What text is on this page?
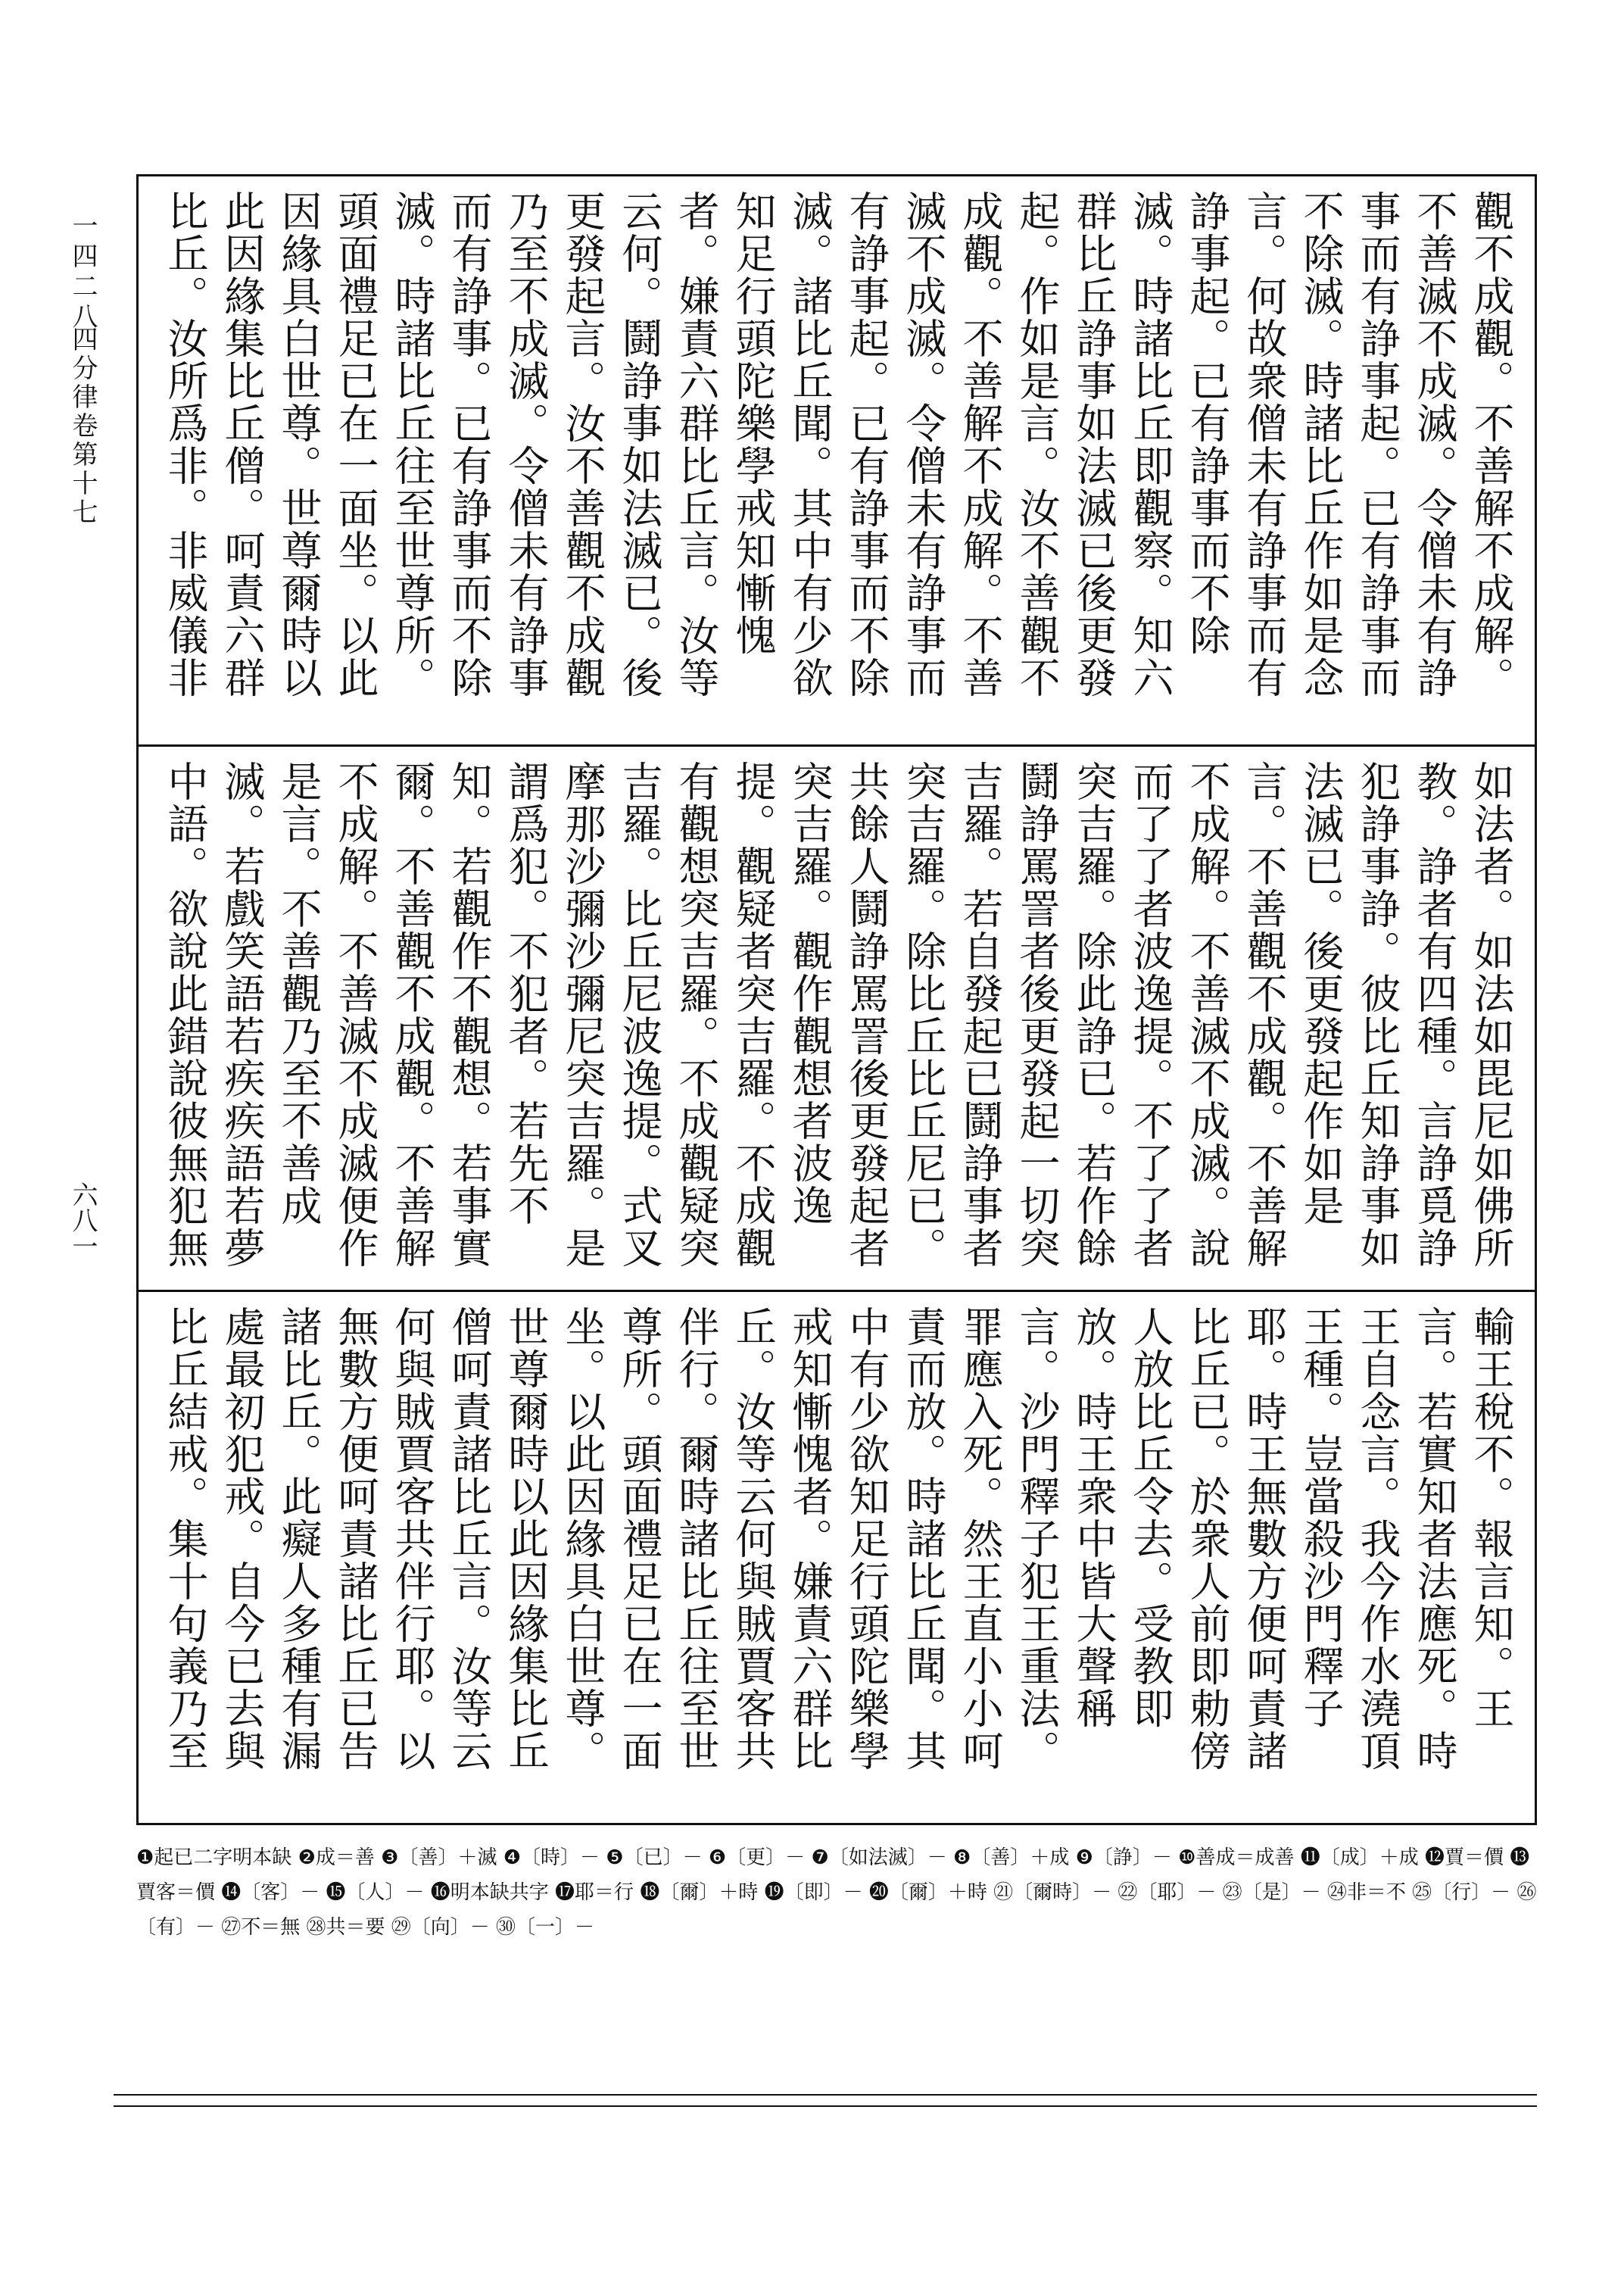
一四二八
四分律卷第十七
六八一
觀不成觀。不善解不成解。不善滅不成滅。令僧未有諍事而有諍事起。已有諍事而不除滅。時諸比丘作如是念言。何故衆僧未有諍事而有諍事起。已有諍事而不除滅。時諸比丘即觀察。知六群比丘諍事如法滅已後更發起。作如是言。汝不善觀不成觀。不善解不成解。不善滅不成滅。令僧未有諍事而有諍事起。已有諍事而不除滅。諸比丘聞。其中有少欲知足行頭陀樂學戒知慚愧者。嫌責六群比丘言。汝等云何。鬪諍事如法滅已。後更發起言。汝不善觀不成觀乃至不成滅。令僧未有諍事而有諍事。已有諍事而不除滅。時諸比丘往至世尊所。頭面禮足已在一面坐。以此因緣具白世尊。世尊爾時以此因緣集比丘僧。呵責六群比丘。汝所爲非。非威儀非
如法者。如法如毘尼如佛所教。諍者有四種。言諍覓諍犯諍事諍。彼比丘知諍事如法滅已。後更發起作如是言。不善觀不成觀。不善解不成解。不善滅不成滅。說而了了者波逸提。不了了者突吉羅。除此諍已。若作餘鬪諍罵詈者後更發起一切突吉羅。若自發起已鬪諍事者突吉羅。除比丘比丘尼已。共餘人鬪諍罵詈後更發起者突吉羅。觀作觀想者波逸提。觀疑者突吉羅。不成觀有觀想突吉羅。不成觀疑突吉羅。比丘尼波逸提。式叉摩那沙彌沙彌尼突吉羅。是謂爲犯。不犯者。若先不知。若觀作不觀想。若事實爾。不善觀不成觀。不善解不成解。不善滅不成滅便作是言。不善觀乃至不善成滅。若戲笑語若疾疾語若夢中語。欲說此錯說彼無犯無
輸王稅不。報言知。王言。若實知者法應死。時王自念言。我今作水澆頂王種。豈當殺沙門釋子耶。時王無數方便呵責諸比丘已。於衆人前即勅傍人放比丘令去。受教即放。時王衆中皆大聲稱言。沙門釋子犯王重法。罪應入死。然王直小小呵責而放。時諸比丘聞。其中有少欲知足行頭陀樂學戒知慚愧者。嫌責六群比丘。汝等云何與賊賈客共伴行。爾時諸比丘往至世尊所。頭面禮足已在一面坐。以此因緣具白世尊。世尊爾時以此因緣集比丘僧呵責諸比丘言。汝等云何與賊賈客共伴行耶。以無數方便呵責諸比丘已告諸比丘。此癡人多種有漏處最初犯戒。自今已去與比丘結戒。集十句義乃至
❶起已二字明本缺 ❷成＝善 ❸〔善〕＋滅 ❹〔時〕－ ❺〔已〕－ ❻〔更〕－ ❼〔如法滅〕－ ❽〔善〕＋成 ❾〔諍〕－ ❿善成＝成善 ⓫〔成〕＋成 ⓬賈＝價 ⓭賈客＝價 ⓮〔客〕－ ⓯〔人〕－ ⓰明本缺共字 ⓱耶＝行 ⓲〔爾〕＋時 ⓳〔即〕－ ⓴〔爾〕＋時 ㉑〔爾時〕－ ㉒〔耶〕－ ㉓〔是〕－ ㉔非＝不 ㉕〔行〕－ ㉖〔有〕－ ㉗不＝無 ㉘共＝要 ㉙〔向〕－ ㉚〔一〕－
